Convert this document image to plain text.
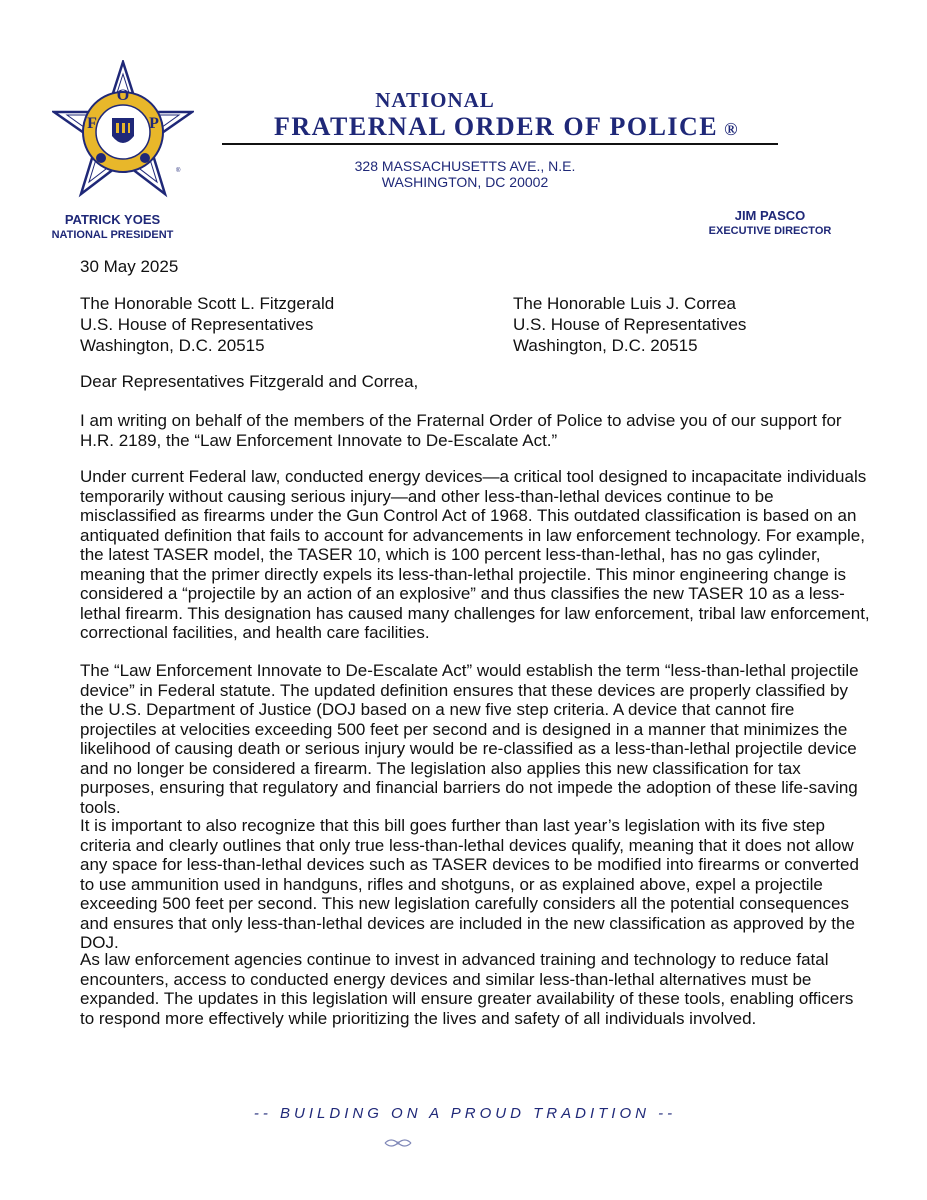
F
O
P
®
NATIONAL
FRATERNAL ORDER OF POLICE ®
328 MASSACHUSETTS AVE., N.E.
WASHINGTON, DC 20002
PATRICK YOES
NATIONAL PRESIDENT
JIM PASCO
EXECUTIVE DIRECTOR
30 May 2025
The Honorable Scott L. Fitzgerald
U.S. House of Representatives
Washington, D.C. 20515
The Honorable Luis J. Correa
U.S. House of Representatives
Washington, D.C. 20515
Dear Representatives Fitzgerald and Correa,
I am writing on behalf of the members of the Fraternal Order of Police to advise you of our support for H.R. 2189, the “Law Enforcement Innovate to De-Escalate Act.”
Under current Federal law, conducted energy devices—a critical tool designed to incapacitate individuals temporarily without causing serious injury—and other less-than-lethal devices continue to be misclassified as firearms under the Gun Control Act of 1968. This outdated classification is based on an antiquated definition that fails to account for advancements in law enforcement technology. For example, the latest TASER model, the TASER 10, which is 100 percent less-than-lethal, has no gas cylinder, meaning that the primer directly expels its less-than-lethal projectile. This minor engineering change is considered a “projectile by an action of an explosive” and thus classifies the new TASER 10 as a less-lethal firearm. This designation has caused many challenges for law enforcement, tribal law enforcement, correctional facilities, and health care facilities.
The “Law Enforcement Innovate to De-Escalate Act” would establish the term “less-than-lethal projectile device” in Federal statute. The updated definition ensures that these devices are properly classified by the U.S. Department of Justice (DOJ based on a new five step criteria. A device that cannot fire projectiles at velocities exceeding 500 feet per second and is designed in a manner that minimizes the likelihood of causing death or serious injury would be re-classified as a less-than-lethal projectile device and no longer be considered a firearm. The legislation also applies this new classification for tax purposes, ensuring that regulatory and financial barriers do not impede the adoption of these life-saving tools.
It is important to also recognize that this bill goes further than last year’s legislation with its five step criteria and clearly outlines that only true less-than-lethal devices qualify, meaning that it does not allow any space for less-than-lethal devices such as TASER devices to be modified into firearms or converted to use ammunition used in handguns, rifles and shotguns, or as explained above, expel a projectile exceeding 500 feet per second. This new legislation carefully considers all the potential consequences and ensures that only less-than-lethal devices are included in the new classification as approved by the DOJ.
As law enforcement agencies continue to invest in advanced training and technology to reduce fatal encounters, access to conducted energy devices and similar less-than-lethal alternatives must be expanded. The updates in this legislation will ensure greater availability of these tools, enabling officers to respond more effectively while prioritizing the lives and safety of all individuals involved.
-- BUILDING ON A PROUD TRADITION --
